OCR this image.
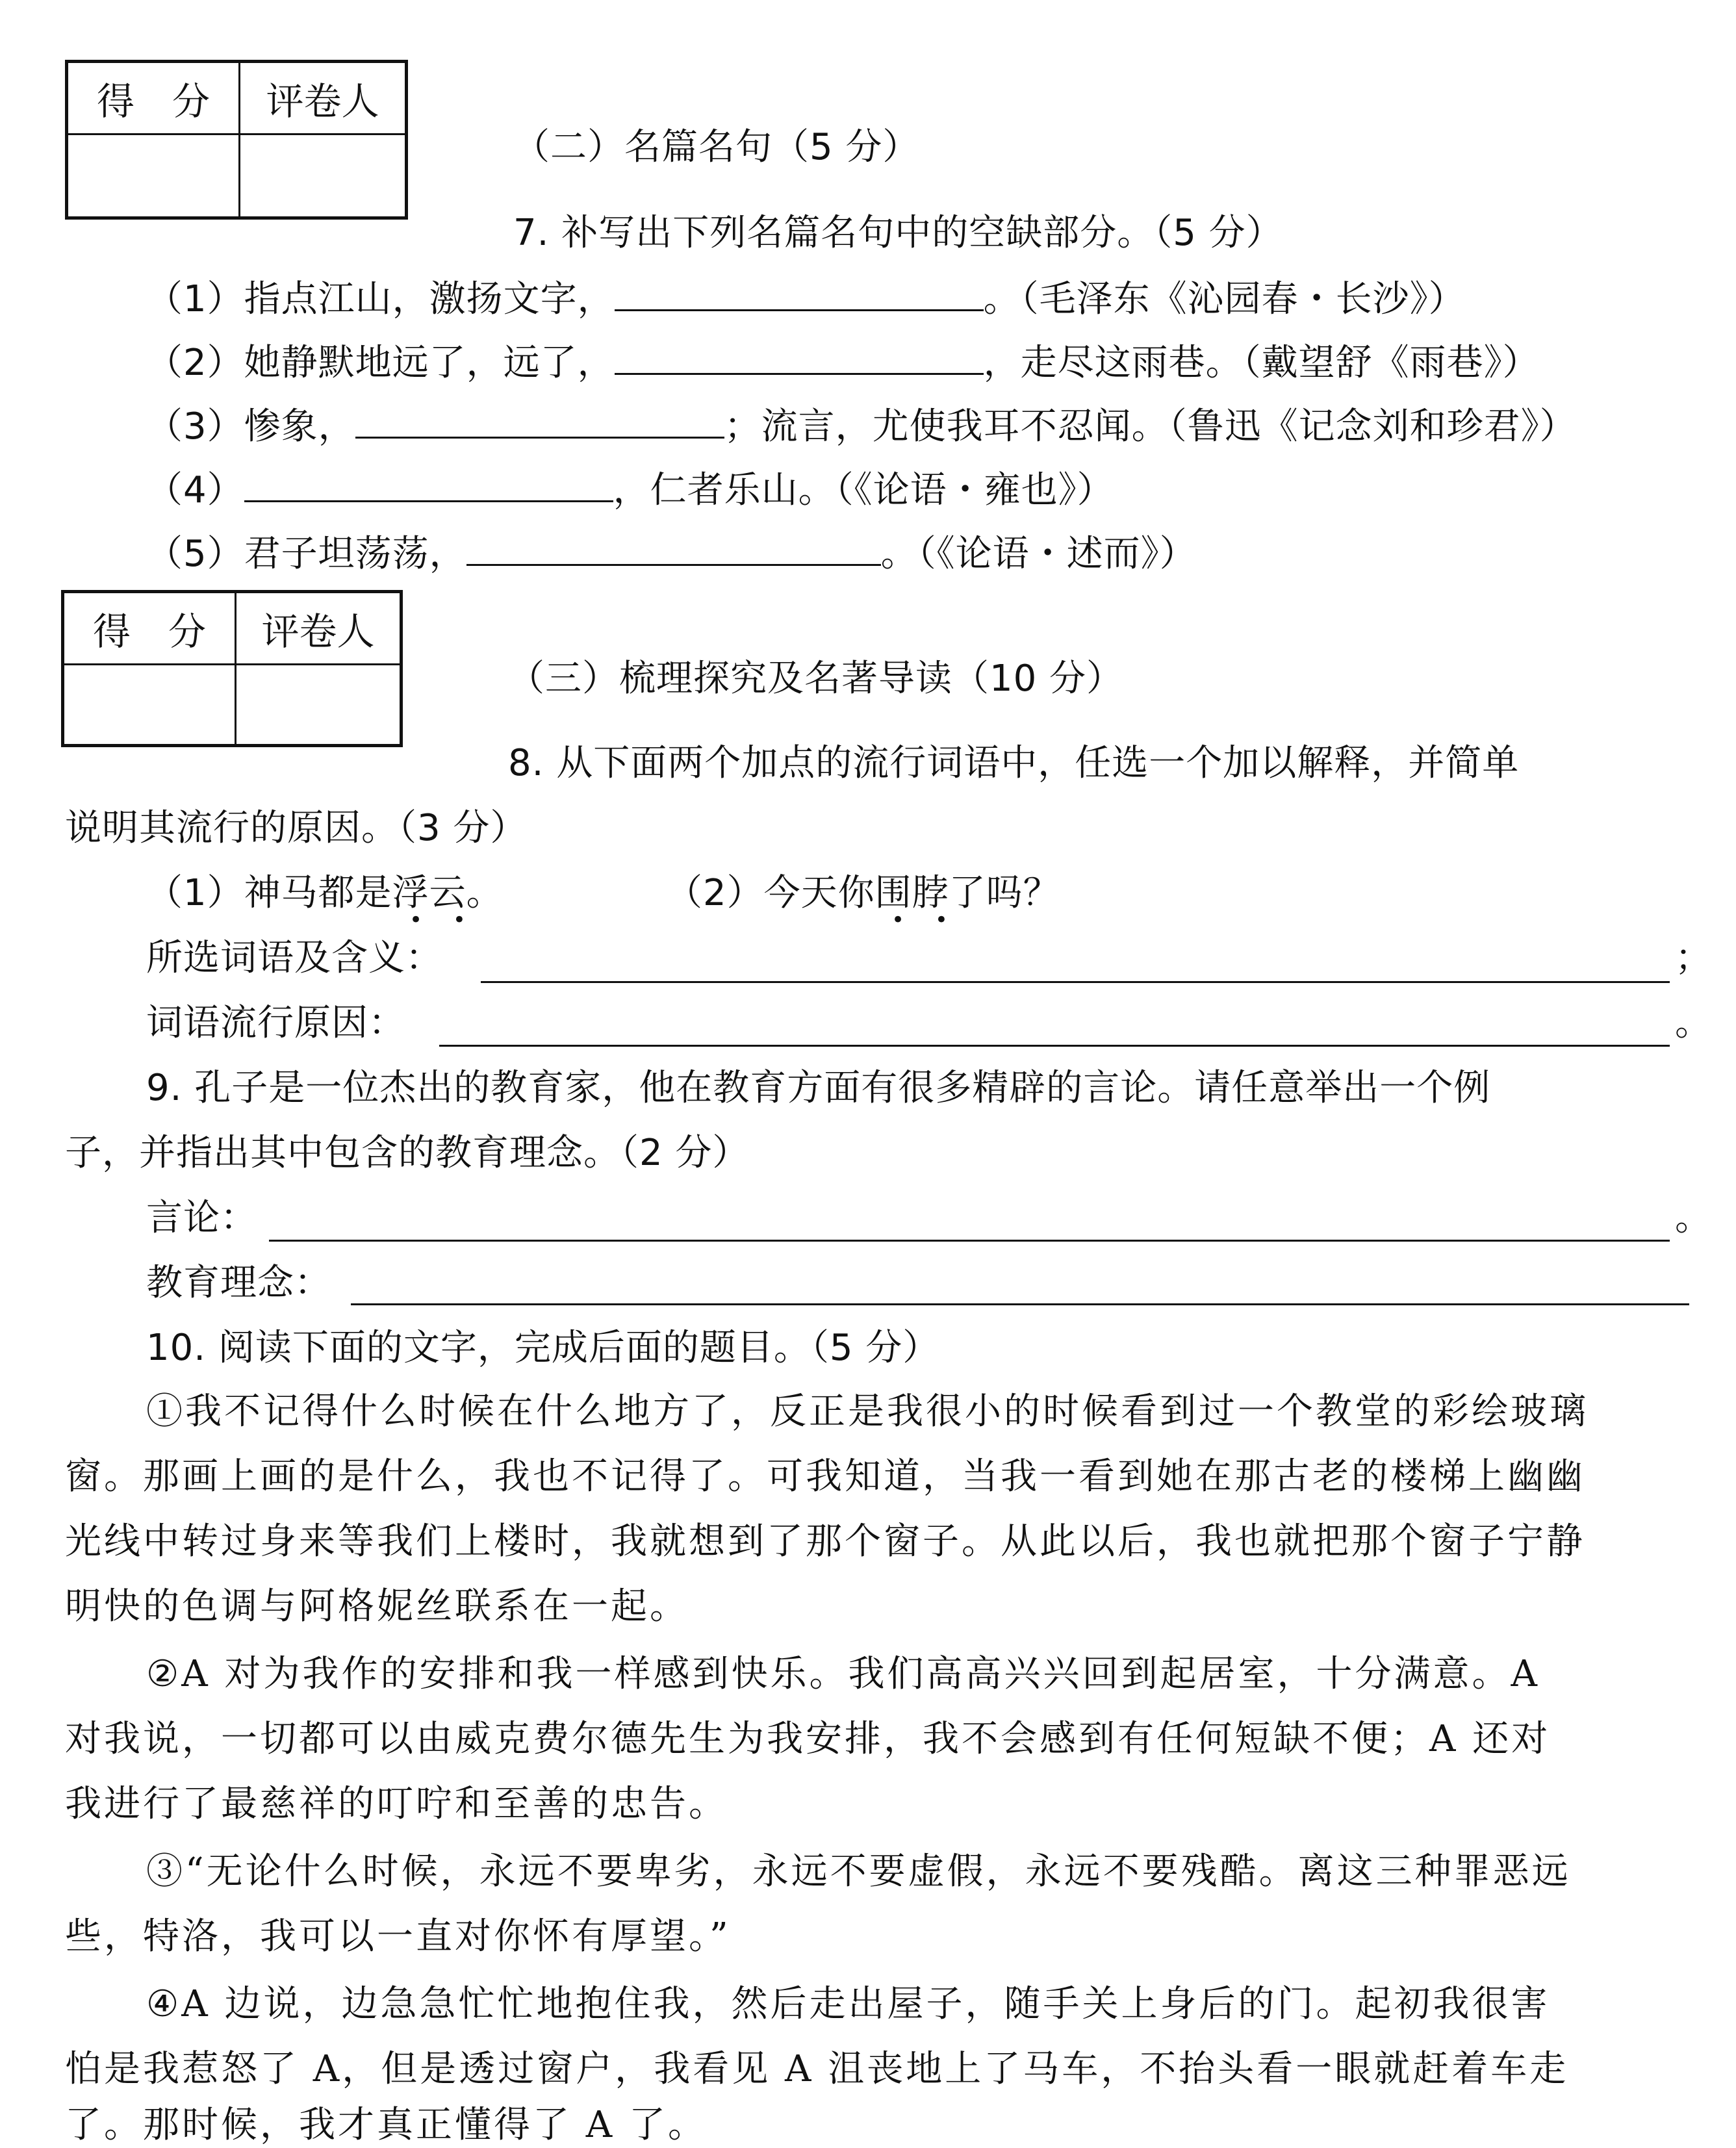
得　分	评卷人

（二）名篇名句（5 分）
7. 补写出下列名篇名句中的空缺部分。（5 分）
（1）指点江山，激扬文字，	。（毛泽东《沁园春・长沙》）
（2）她静默地远了，远了，	，走尽这雨巷。（戴望舒《雨巷》）
（3）惨象，	；流言，尤使我耳不忍闻。（鲁迅《记念刘和珍君》）
（4）	，仁者乐山。（《论语・雍也》）
（5）君子坦荡荡，	。（《论语・述而》）
得　分	评卷人

（三）梳理探究及名著导读（10 分）
8. 从下面两个加点的流行词语中，任选一个加以解释，并简单
说明其流行的原因。（3 分）
（1）神马都是浮云。
• •
（2）今天你围脖了吗？
• •
所选词语及含义：	；
词语流行原因：	。
9. 孔子是一位杰出的教育家，他在教育方面有很多精辟的言论。请任意举出一个例
子，并指出其中包含的教育理念。（2 分）
言论：	。
教育理念：
10. 阅读下面的文字，完成后面的题目。（5 分）
①我不记得什么时候在什么地方了，反正是我很小的时候看到过一个教堂的彩绘玻璃
窗。那画上画的是什么，我也不记得了。可我知道，当我一看到她在那古老的楼梯上幽幽
光线中转过身来等我们上楼时，我就想到了那个窗子。从此以后，我也就把那个窗子宁静
明快的色调与阿格妮丝联系在一起。
②A 对为我作的安排和我一样感到快乐。我们高高兴兴回到起居室，十分满意。A
对我说，一切都可以由威克费尔德先生为我安排，我不会感到有任何短缺不便；A 还对
我进行了最慈祥的叮咛和至善的忠告。
③“无论什么时候，永远不要卑劣，永远不要虚假，永远不要残酷。离这三种罪恶远
些，特洛，我可以一直对你怀有厚望。”
④A 边说，边急急忙忙地抱住我，然后走出屋子，随手关上身后的门。起初我很害
怕是我惹怒了 A，但是透过窗户，我看见 A 沮丧地上了马车，不抬头看一眼就赶着车走
了。那时候，我才真正懂得了 A 了。
